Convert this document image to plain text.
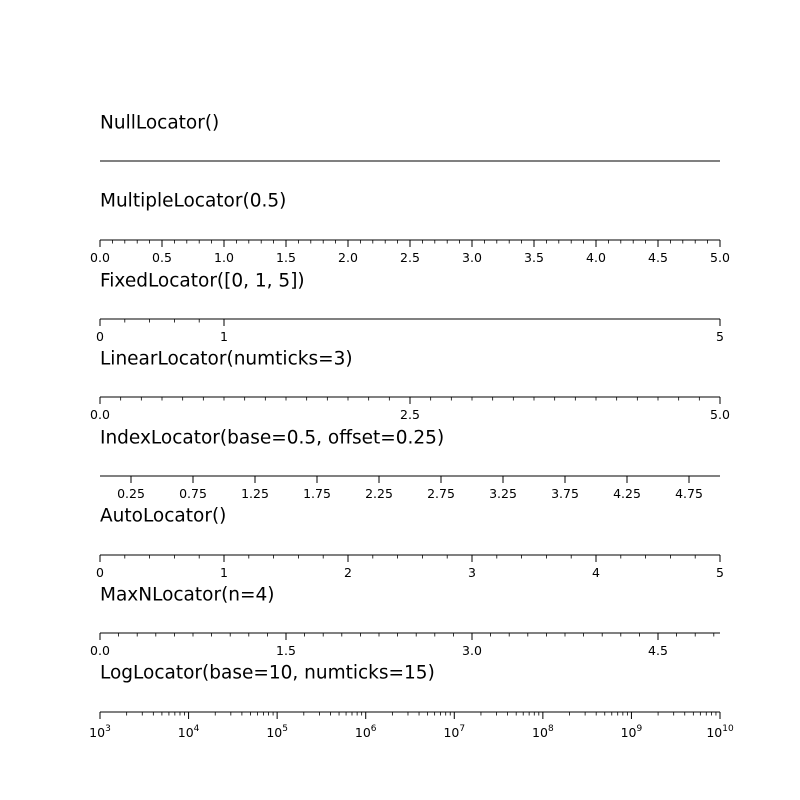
NullLocator()
MultipleLocator(0.5)
0.0	0.5	1.0	1.5	2.0	2.5	3.0	3.5	4.0	4.5	5.0
FixedLocator([0, 1, 5])
0	1	5
LinearLocator(numticks=3)
0.0	2.5	5.0
IndexLocator(base=0.5, offset=0.25)
0.25	0.75	1.25	1.75	2.25	2.75	3.25	3.75	4.25	4.75
AutoLocator()
0	1	2	3	4	5
MaxNLocator(n=4)
0.0	1.5	3.0	4.5
LogLocator(base=10, numticks=15)
$10^3$	$10^4$	$10^5$	$10^6$	$10^7$	$10^8$	$10^9$	$10^{10}$
